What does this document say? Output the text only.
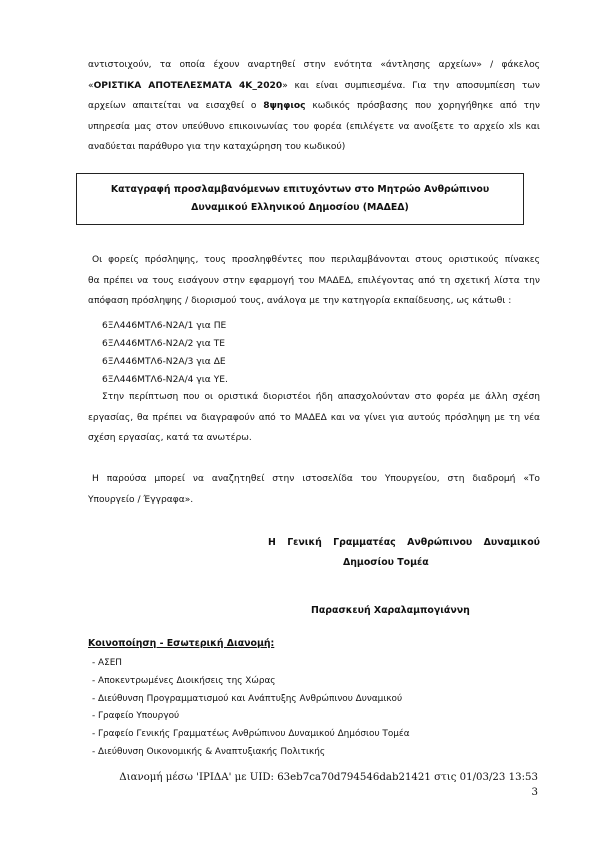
αντιστοιχούν, τα οποία έχουν αναρτηθεί στην ενότητα «άντλησης αρχείων» / φάκελος
«ΟΡΙΣΤΙΚΑ ΑΠΟΤΕΛΕΣΜΑΤΑ 4Κ_2020» και είναι συμπιεσμένα. Για την αποσυμπίεση των
αρχείων απαιτείται να εισαχθεί ο 8ψηφιος κωδικός πρόσβασης που χορηγήθηκε από την
υπηρεσία μας στον υπεύθυνο επικοινωνίας του φορέα (επιλέγετε να ανοίξετε το αρχείο xls και
αναδύεται παράθυρο για την καταχώρηση του κωδικού)
Καταγραφή προσλαμβανόμενων επιτυχόντων στο Μητρώο Ανθρώπινου
Δυναμικού Ελληνικού Δημοσίου (ΜΑΔΕΔ)
Οι φορείς πρόσληψης, τους προσληφθέντες που περιλαμβάνονται στους οριστικούς πίνακες
θα πρέπει να τους εισάγουν στην εφαρμογή του ΜΑΔΕΔ, επιλέγοντας από τη σχετική λίστα την
απόφαση πρόσληψης / διορισμού τους, ανάλογα με την κατηγορία εκπαίδευσης, ως κάτωθι :
6ΞΛ446ΜΤΛ6-Ν2Α/1 για ΠΕ
6ΞΛ446ΜΤΛ6-Ν2Α/2 για ΤΕ
6ΞΛ446ΜΤΛ6-Ν2Α/3 για ΔΕ
6ΞΛ446ΜΤΛ6-Ν2Α/4 για ΥΕ.
Στην περίπτωση που οι οριστικά διοριστέοι ήδη απασχολούνταν στο φορέα με άλλη σχέση
εργασίας, θα πρέπει να διαγραφούν από το ΜΑΔΕΔ και να γίνει για αυτούς πρόσληψη με τη νέα
σχέση εργασίας, κατά τα ανωτέρω.
Η παρούσα μπορεί να αναζητηθεί στην ιστοσελίδα του Υπουργείου, στη διαδρομή «Το
Υπουργείο / Έγγραφα».
Η Γενική Γραμματέας Ανθρώπινου Δυναμικού
Δημοσίου Τομέα
Παρασκευή Χαραλαμπογιάννη
Κοινοποίηση - Εσωτερική Διανομή:
- ΑΣΕΠ
- Αποκεντρωμένες Διοικήσεις της Χώρας
- Διεύθυνση Προγραμματισμού και Ανάπτυξης Ανθρώπινου Δυναμικού
- Γραφείο Υπουργού
- Γραφείο Γενικής Γραμματέως Ανθρώπινου Δυναμικού Δημόσιου Τομέα
- Διεύθυνση Οικονομικής & Αναπτυξιακής Πολιτικής
Διανομή μέσω 'ΙΡΙΔΑ' με UID: 63eb7ca70d794546dab21421 στις 01/03/23 13:53
3
